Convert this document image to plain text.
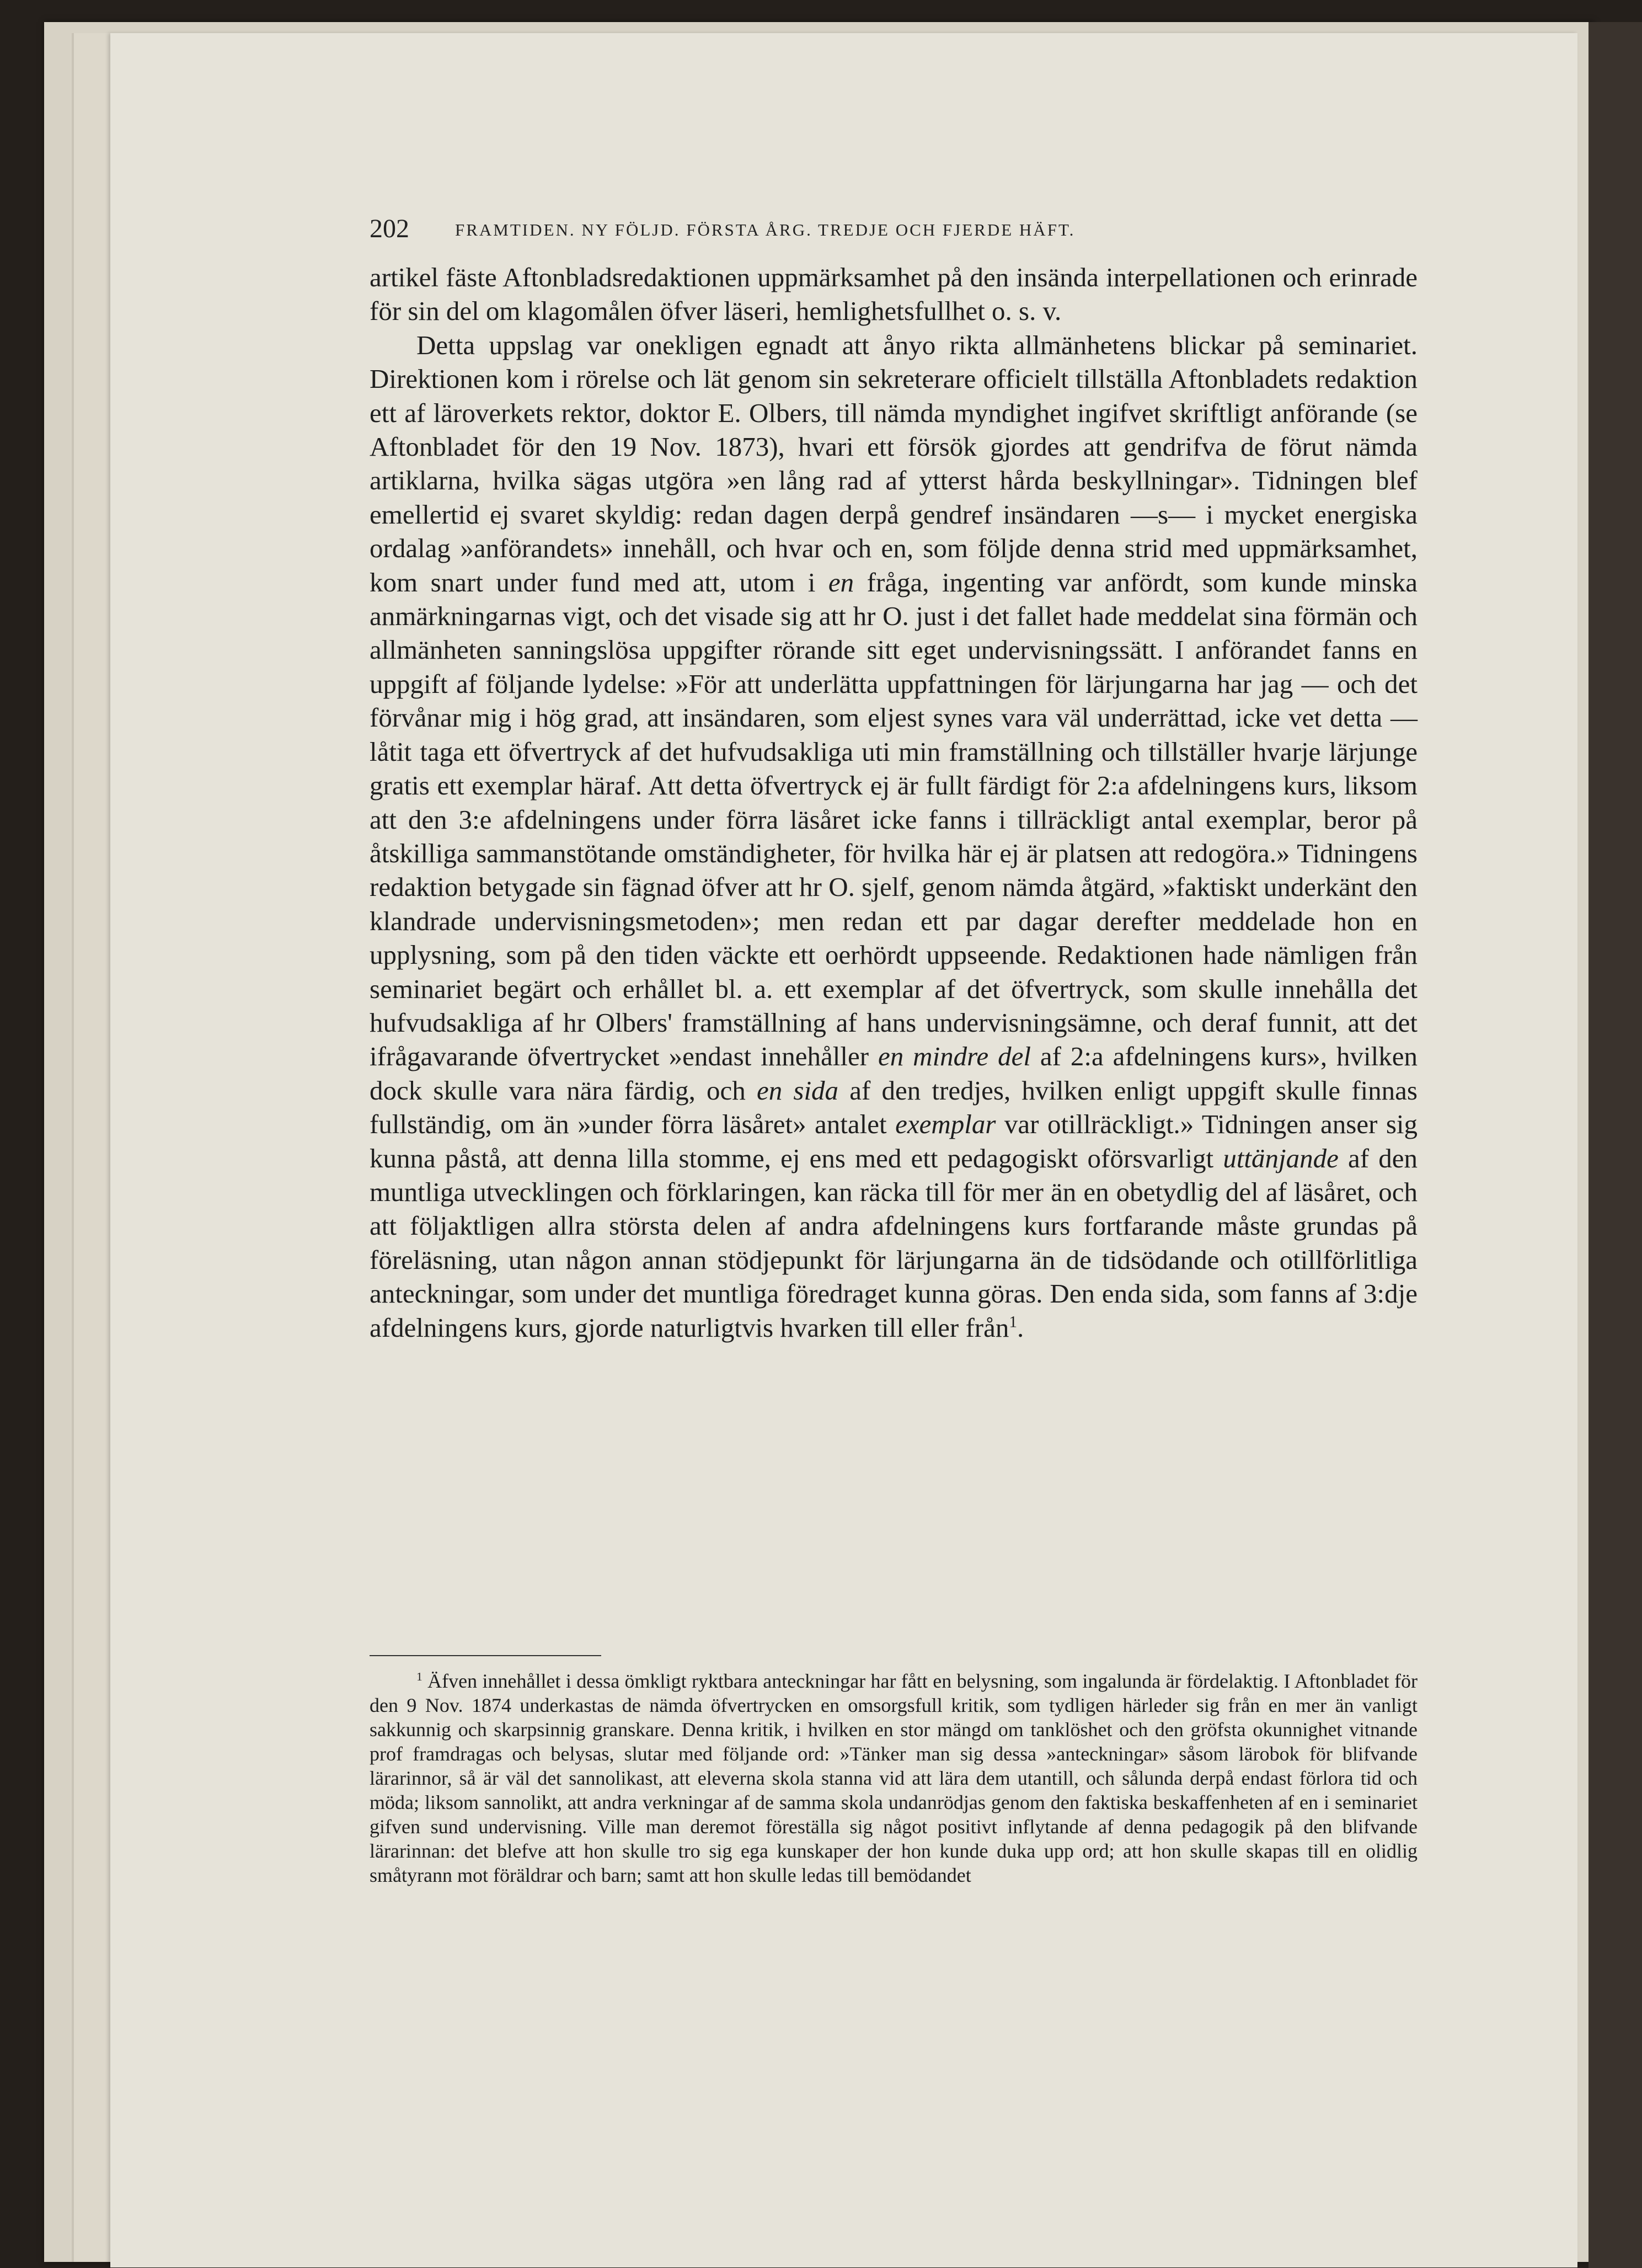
202	FRAMTIDEN. NY FÖLJD. FÖRSTA ÅRG. TREDJE OCH FJERDE HÄFT.

artikel fäste Aftonbladsredaktionen uppmärksamhet på den insända interpellationen och erinrade för sin del om klagomålen öfver läseri, hemlighetsfullhet o. s. v.

Detta uppslag var onekligen egnadt att ånyo rikta allmänhetens blickar på seminariet. Direktionen kom i rörelse och lät genom sin sekreterare officielt tillställa Aftonbladets redaktion ett af läroverkets rektor, doktor E. Olbers, till nämda myndighet ingifvet skriftligt anförande (se Aftonbladet för den 19 Nov. 1873), hvari ett försök gjordes att gendrifva de förut nämda artiklarna, hvilka sägas utgöra »en lång rad af ytterst hårda beskyllningar». Tidningen blef emellertid ej svaret skyldig: redan dagen derpå gendref insändaren —s— i mycket energiska ordalag »anförandets» innehåll, och hvar och en, som följde denna strid med uppmärksamhet, kom snart under fund med att, utom i en fråga, ingenting var anfördt, som kunde minska anmärkningarnas vigt, och det visade sig att hr O. just i det fallet hade meddelat sina förmän och allmänheten sanningslösa uppgifter rörande sitt eget undervisningssätt. I anförandet fanns en uppgift af följande lydelse: »För att underlätta uppfattningen för lärjungarna har jag — och det förvånar mig i hög grad, att insändaren, som eljest synes vara väl underrättad, icke vet detta — låtit taga ett öfvertryck af det hufvudsakliga uti min framställning och tillställer hvarje lärjunge gratis ett exemplar häraf. Att detta öfvertryck ej är fullt färdigt för 2:a afdelningens kurs, liksom att den 3:e afdelningens under förra läsåret icke fanns i tillräckligt antal exemplar, beror på åtskilliga sammanstötande omständigheter, för hvilka här ej är platsen att redogöra.» Tidningens redaktion betygade sin fägnad öfver att hr O. sjelf, genom nämda åtgärd, »faktiskt underkänt den klandrade undervisningsmetoden»; men redan ett par dagar derefter meddelade hon en upplysning, som på den tiden väckte ett oerhördt uppseende. Redaktionen hade nämligen från seminariet begärt och erhållet bl. a. ett exemplar af det öfvertryck, som skulle innehålla det hufvudsakliga af hr Olbers' framställning af hans undervisningsämne, och deraf funnit, att det ifrågavarande öfvertrycket »endast innehåller en mindre del af 2:a afdelningens kurs», hvilken dock skulle vara nära färdig, och en sida af den tredjes, hvilken enligt uppgift skulle finnas fullständig, om än »under förra läsåret» antalet exemplar var otillräckligt.» Tidningen anser sig kunna påstå, att denna lilla stomme, ej ens med ett pedagogiskt oförsvarligt uttänjande af den muntliga utvecklingen och förklaringen, kan räcka till för mer än en obetydlig del af läsåret, och att följaktligen allra största delen af andra afdelningens kurs fortfarande måste grundas på föreläsning, utan någon annan stödjepunkt för lärjungarna än de tidsödande och otillförlitliga anteckningar, som under det muntliga föredraget kunna göras. Den enda sida, som fanns af 3:dje afdelningens kurs, gjorde naturligtvis hvarken till eller från$^1$.

$^1$ Äfven innehållet i dessa ömkligt ryktbara anteckningar har fått en belysning, som ingalunda är fördelaktig. I Aftonbladet för den 9 Nov. 1874 underkastas de nämda öfvertrycken en omsorgsfull kritik, som tydligen härleder sig från en mer än vanligt sakkunnig och skarpsinnig granskare. Denna kritik, i hvilken en stor mängd om tanklöshet och den gröfsta okunnighet vitnande prof framdragas och belysas, slutar med följande ord: »Tänker man sig dessa »anteckningar» såsom lärobok för blifvande lärarinnor, så är väl det sannolikast, att eleverna skola stanna vid att lära dem utantill, och sålunda derpå endast förlora tid och möda; liksom sannolikt, att andra verkningar af de samma skola undanrödjas genom den faktiska beskaffenheten af en i seminariet gifven sund undervisning. Ville man deremot föreställa sig något positivt inflytande af denna pedagogik på den blifvande lärarinnan: det blefve att hon skulle tro sig ega kunskaper der hon kunde duka upp ord; att hon skulle skapas till en olidlig småtyrann mot föräldrar och barn; samt att hon skulle ledas till bemödandet
